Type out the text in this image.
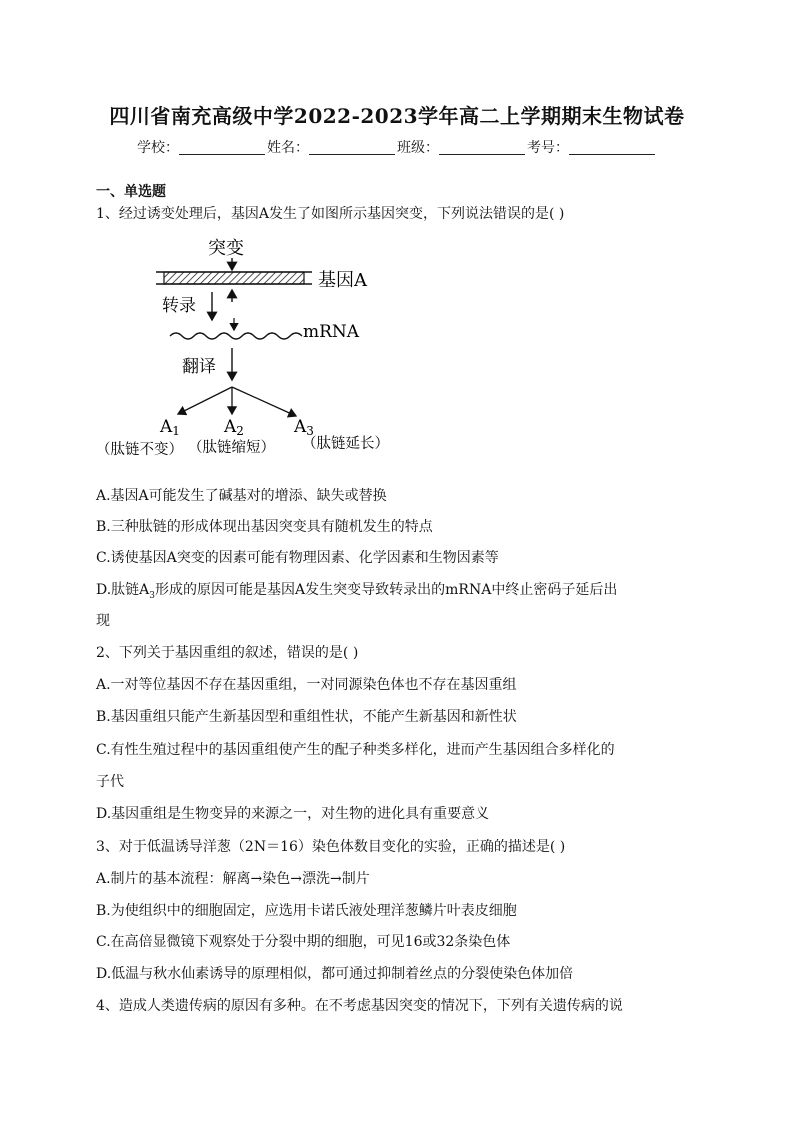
四川省南充高级中学2022-2023学年高二上学期期末生物试卷
学校：	姓名：	班级：	考号：
一、单选题
1、经过诱变处理后，基因A发生了如图所示基因突变，下列说法错误的是( )
突变
基因A
转录
mRNA
翻译
A1	A2	A3
（肽链不变） （肽链缩短） （肽链延长）
A.基因A可能发生了碱基对的增添、缺失或替换
B.三种肽链的形成体现出基因突变具有随机发生的特点
C.诱使基因A突变的因素可能有物理因素、化学因素和生物因素等
D.肽链$A_3$形成的原因可能是基因A发生突变导致转录出的mRNA中终止密码子延后出
现
2、下列关于基因重组的叙述，错误的是( )
A.一对等位基因不存在基因重组，一对同源染色体也不存在基因重组
B.基因重组只能产生新基因型和重组性状，不能产生新基因和新性状
C.有性生殖过程中的基因重组使产生的配子种类多样化，进而产生基因组合多样化的
子代
D.基因重组是生物变异的来源之一，对生物的进化具有重要意义
3、对于低温诱导洋葱（2N＝16）染色体数目变化的实验，正确的描述是( )
A.制片的基本流程：解离→染色→漂洗→制片
B.为使组织中的细胞固定，应选用卡诺氏液处理洋葱鳞片叶表皮细胞
C.在高倍显微镜下观察处于分裂中期的细胞，可见16或32条染色体
D.低温与秋水仙素诱导的原理相似，都可通过抑制着丝点的分裂使染色体加倍
4、造成人类遗传病的原因有多种。在不考虑基因突变的情况下，下列有关遗传病的说
